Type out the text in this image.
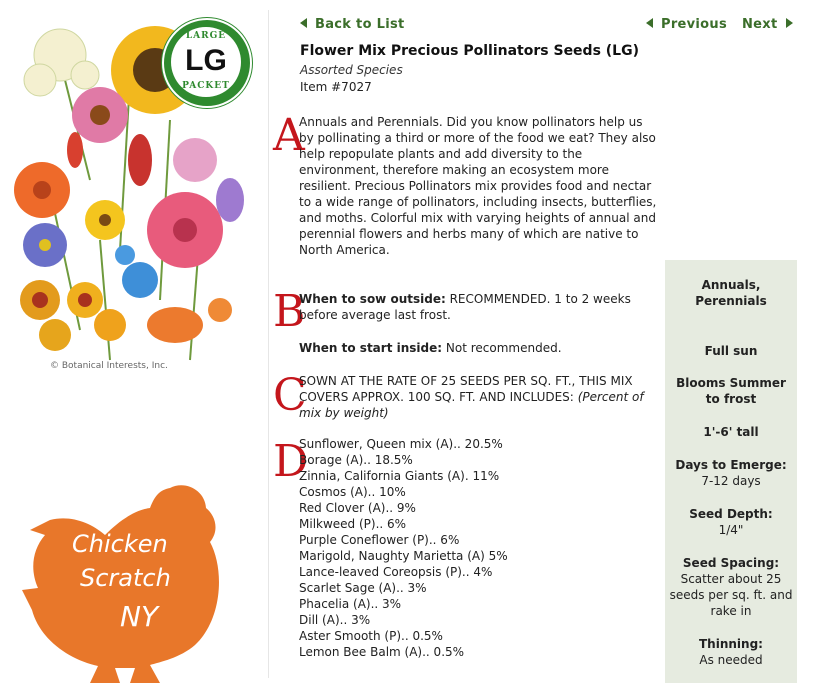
LARGE
LG
PACKET
© Botanical Interests, Inc.
Chicken
Scratch
NY
Back to List	Previous Next
Flower Mix Precious Pollinators Seeds (LG)
Assorted Species
Item #7027
A
B
C
D
Annuals and Perennials. Did you know pollinators help us by pollinating a third or more of the food we eat? They also help repopulate plants and add diversity to the environment, therefore making an ecosystem more resilient. Precious Pollinators mix provides food and nectar to a wide range of pollinators, including insects, butterflies, and moths. Colorful mix with varying heights of annual and perennial flowers and herbs many of which are native to North America.
When to sow outside: RECOMMENDED. 1 to 2 weeks before average last frost.
When to start inside: Not recommended.
SOWN AT THE RATE OF 25 SEEDS PER SQ. FT., THIS MIX COVERS APPROX. 100 SQ. FT. AND INCLUDES: (Percent of mix by weight)
Sunflower, Queen mix (A).. 20.5%
Borage (A).. 18.5%
Zinnia, California Giants (A). 11%
Cosmos (A).. 10%
Red Clover (A).. 9%
Milkweed (P).. 6%
Purple Coneflower (P).. 6%
Marigold, Naughty Marietta (A) 5%
Lance-leaved Coreopsis (P).. 4%
Scarlet Sage (A).. 3%
Phacelia (A).. 3%
Dill (A).. 3%
Aster Smooth (P).. 0.5%
Lemon Bee Balm (A).. 0.5%
Annuals, Perennials
Full sun
Blooms Summer to frost
1'-6' tall
Days to Emerge:
7-12 days
Seed Depth:
1/4"
Seed Spacing:
Scatter about 25 seeds per sq. ft. and rake in
Thinning:
As needed
